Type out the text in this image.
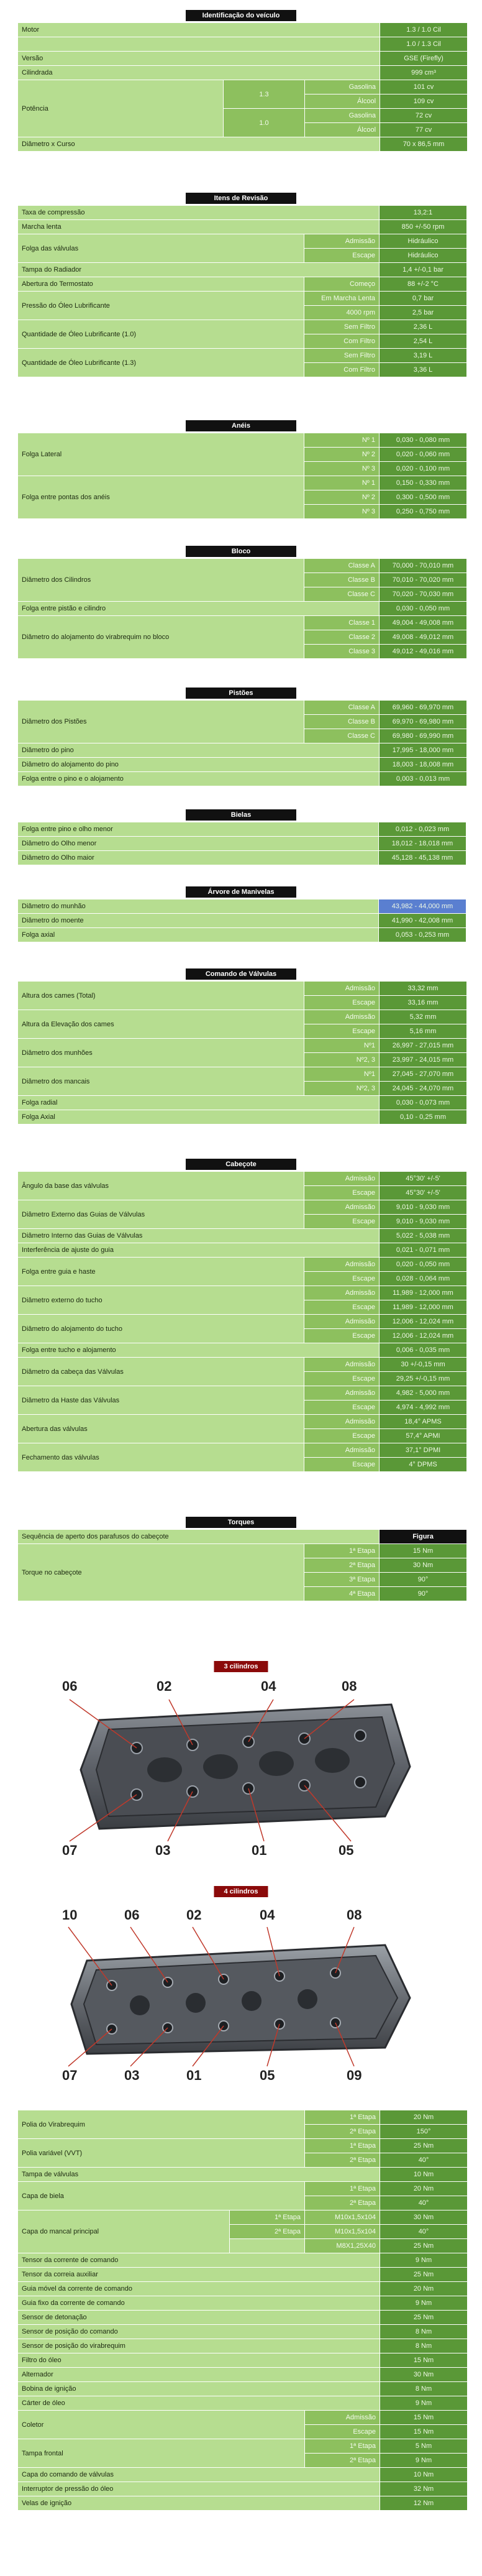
Identificação do veículo
Motor			1.3 / 1.0 Cil
			1.0 / 1.3 Cil
Versão			GSE (Firefly)
Cilindrada			999 cm³
Potência	1.3	Gasolina	101 cv
		Álcool	109 cv
	1.0	Gasolina	72 cv
		Álcool	77 cv
Diâmetro x Curso			70 x 86,5 mm
Itens de Revisão
Taxa de compressão		13,2:1
Marcha lenta		850 +/-50 rpm
Folga das válvulas	Admissão	Hidráulico
	Escape	Hidráulico
Tampa do Radiador		1,4 +/-0,1 bar
Abertura do Termostato	Começo	88 +/-2 °C
Pressão do Óleo Lubrificante	Em Marcha Lenta	0,7 bar
	4000 rpm	2,5 bar
Quantidade de Óleo Lubrificante (1.0)	Sem Filtro	2,36 L
	Com Filtro	2,54 L
Quantidade de Óleo Lubrificante (1.3)	Sem Filtro	3,19 L
	Com Filtro	3,36 L
Anéis
Folga Lateral	Nº 1	0,030 - 0,080 mm
	Nº 2	0,020 - 0,060 mm
	Nº 3	0,020 - 0,100 mm
Folga entre pontas dos anéis	Nº 1	0,150 - 0,330 mm
	Nº 2	0,300 - 0,500 mm
	Nº 3	0,250 - 0,750 mm
Bloco
Diâmetro dos Cilindros	Classe A	70,000 - 70,010 mm
	Classe B	70,010 - 70,020 mm
	Classe C	70,020 - 70,030 mm
Folga entre pistão e cilindro		0,030 - 0,050 mm
Diâmetro do alojamento do virabrequim no bloco	Classe 1	49,004 - 49,008 mm
	Classe 2	49,008 - 49,012 mm
	Classe 3	49,012 - 49,016 mm
Pistões
Diâmetro dos Pistões	Classe A	69,960 - 69,970 mm
	Classe B	69,970 - 69,980 mm
	Classe C	69,980 - 69,990 mm
Diâmetro do pino		17,995 - 18,000 mm
Diâmetro do alojamento do pino		18,003 - 18,008 mm
Folga entre o pino e o alojamento		0,003 - 0,013 mm
Bielas
Folga entre pino e olho menor	0,012 - 0,023 mm
Diâmetro do Olho menor	18,012 - 18,018 mm
Diâmetro do Olho maior	45,128 - 45,138 mm
Árvore de Manivelas
Diâmetro do munhão	43,982 - 44,000 mm
Diâmetro do moente	41,990 - 42,008 mm
Folga axial	0,053 - 0,253 mm
Comando de Válvulas
Altura dos cames (Total)	Admissão	33,32 mm
	Escape	33,16 mm
Altura da Elevação dos cames	Admissão	5,32 mm
	Escape	5,16 mm
Diâmetro dos munhões	Nº1	26,997 - 27,015 mm
	Nº2, 3	23,997 - 24,015 mm
Diâmetro dos mancais	Nº1	27,045 - 27,070 mm
	Nº2, 3	24,045 - 24,070 mm
Folga radial		0,030 - 0,073 mm
Folga Axial		0,10 - 0,25 mm
Cabeçote
Ângulo da base das válvulas	Admissão	45°30' +/-5'
	Escape	45°30' +/-5'
Diâmetro Externo das Guias de Válvulas	Admissão	9,010 - 9,030 mm
	Escape	9,010 - 9,030 mm
Diâmetro Interno das Guias de Válvulas		5,022 - 5,038 mm
Interferência de ajuste do guia		0,021 - 0,071 mm
Folga entre guia e haste	Admissão	0,020 - 0,050 mm
	Escape	0,028 - 0,064 mm
Diâmetro externo do tucho	Admissão	11,989 - 12,000 mm
	Escape	11,989 - 12,000 mm
Diâmetro do alojamento do tucho	Admissão	12,006 - 12,024 mm
	Escape	12,006 - 12,024 mm
Folga entre tucho e alojamento		0,006 - 0,035 mm
Diâmetro da cabeça das Válvulas	Admissão	30 +/-0,15 mm
	Escape	29,25 +/-0,15 mm
Diâmetro da Haste das Válvulas	Admissão	4,982 - 5,000 mm
	Escape	4,974 - 4,992 mm
Abertura das válvulas	Admissão	18,4° APMS
	Escape	57,4° APMI
Fechamento das válvulas	Admissão	37,1° DPMI
	Escape	4° DPMS
Torques
Sequência de aperto dos parafusos do cabeçote		Figura
Torque no cabeçote	1ª Etapa	15 Nm
	2ª Etapa	30 Nm
	3ª Etapa	90°
	4ª Etapa	90°
3 cilindros
06	02	04	08
07	03	01	05
4 cilindros
10	06	02	04	08
07	03	01	05	09
Polia do Virabrequim		1ª Etapa	20 Nm
		2ª Etapa	150°
Polia variável (VVT)		1ª Etapa	25 Nm
		2ª Etapa	40°
Tampa de válvulas			10 Nm
Capa de biela		1ª Etapa	20 Nm
		2ª Etapa	40°
Capa do mancal principal	1ª Etapa	M10x1,5x104	30 Nm
	2ª Etapa	M10x1,5x104	40°
		M8X1,25X40	25 Nm
Tensor da corrente de comando			9 Nm
Tensor da correia auxiliar			25 Nm
Guia móvel da corrente de comando			20 Nm
Guia fixo da corrente de comando			9 Nm
Sensor de detonação			25 Nm
Sensor de posição do comando			8 Nm
Sensor de posição do virabrequim			8 Nm
Filtro do óleo			15 Nm
Alternador			30 Nm
Bobina de ignição			8 Nm
Cárter de óleo			9 Nm
Coletor		Admissão	15 Nm
		Escape	15 Nm
Tampa frontal		1ª Etapa	5 Nm
		2ª Etapa	9 Nm
Capa do comando de válvulas			10 Nm
Interruptor de pressão do óleo			32 Nm
Velas de ignição			12 Nm
